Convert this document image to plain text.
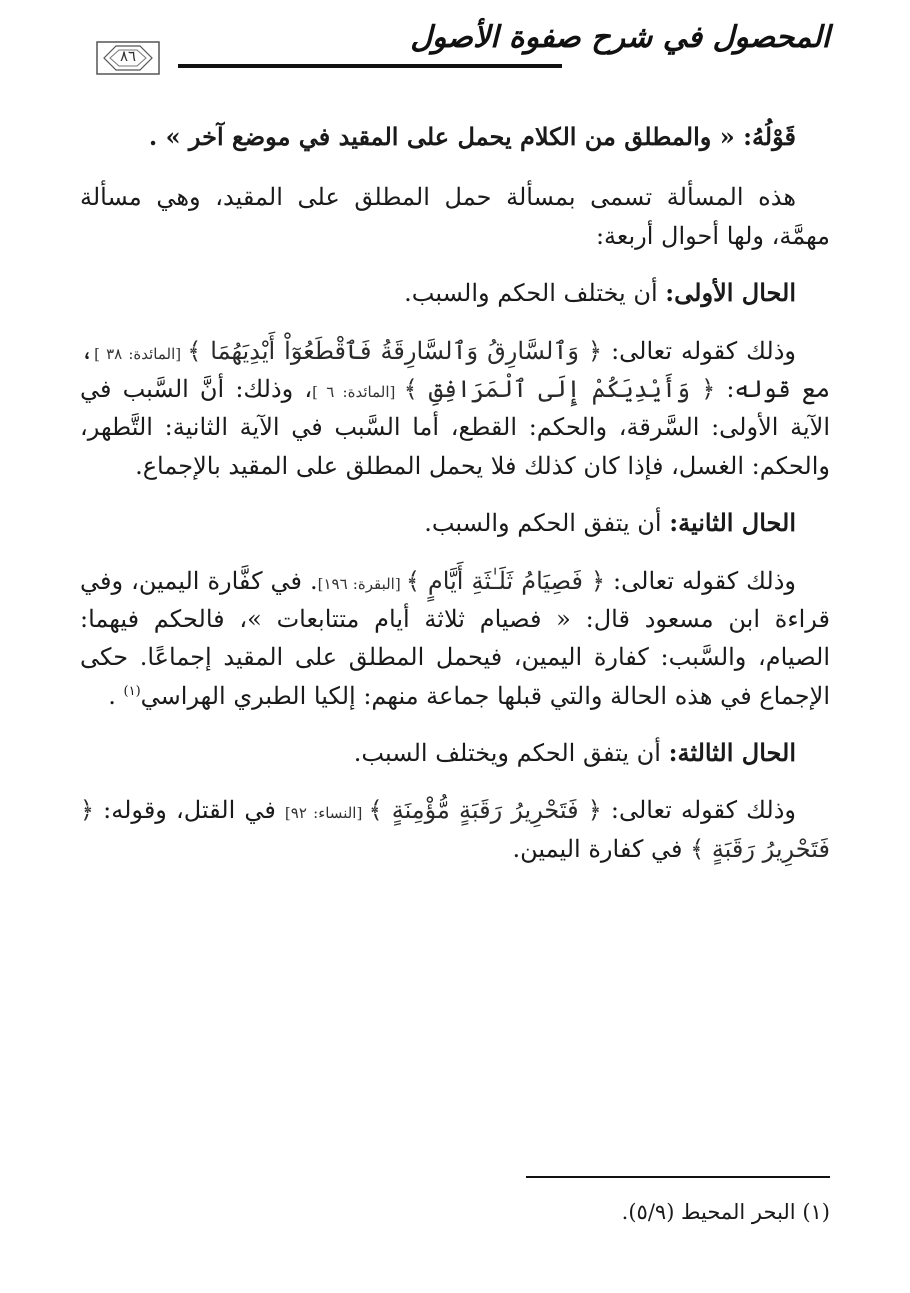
المحصول في شرح صفوة الأصول
٨٦

قَوْلُهُ: « والمطلق من الكلام يحمل على المقيد في موضع آخر » .

هذه المسألة تسمى بمسألة حمل المطلق على المقيد، وهي مسألة مهمَّة، ولها أحوال أربعة:

الحال الأولى: أن يختلف الحكم والسبب.

وذلك كقوله تعالى: ﴿ وَٱلسَّارِقُ وَٱلسَّارِقَةُ فَٱقْطَعُوٓاْ أَيْدِيَهُمَا ﴾ [المائدة: ٣٨ ]، مع قوله: ﴿ وَأَيْدِيَكُمْ إِلَى ٱلْمَرَافِقِ ﴾ [المائدة: ٦ ]، وذلك: أنَّ السَّبب في الآية الأولى: السَّرقة، والحكم: القطع، أما السَّبب في الآية الثانية: التَّطهر، والحكم: الغسل، فإذا كان كذلك فلا يحمل المطلق على المقيد بالإجماع.

الحال الثانية: أن يتفق الحكم والسبب.

وذلك كقوله تعالى: ﴿ فَصِيَامُ ثَلَـٰثَةِ أَيَّامٍ ﴾ [البقرة: ١٩٦]. في كفَّارة اليمين، وفي قراءة ابن مسعود قال: « فصيام ثلاثة أيام متتابعات »، فالحكم فيهما: الصيام، والسَّبب: كفارة اليمين، فيحمل المطلق على المقيد إجماعًا. حكى الإجماع في هذه الحالة والتي قبلها جماعة منهم: إلكيا الطبري الهراسي$^{(١)}$ .

الحال الثالثة: أن يتفق الحكم ويختلف السبب.

وذلك كقوله تعالى: ﴿ فَتَحْرِيرُ رَقَبَةٍ مُّؤْمِنَةٍ ﴾ [النساء: ٩٢] في القتل، وقوله: ﴿ فَتَحْرِيرُ رَقَبَةٍ ﴾ في كفارة اليمين.

(١) البحر المحيط (٥/٩).
